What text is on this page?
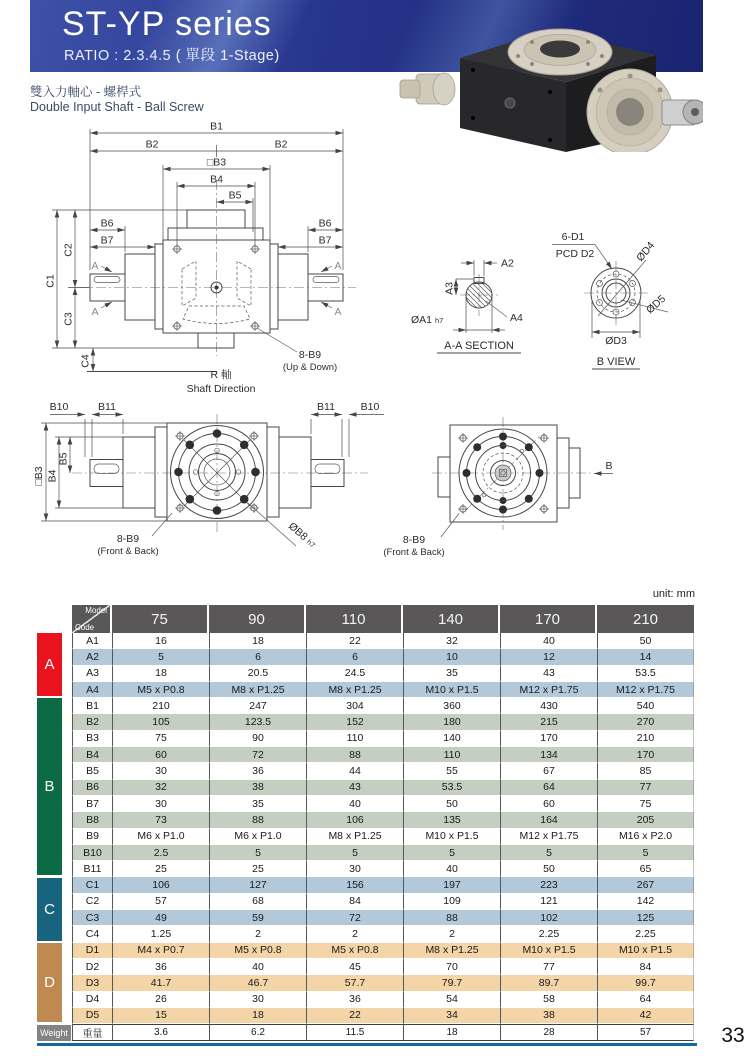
ST-YP series

RATIO : 2.3.4.5 ( 單段 1-Stage)

雙入力軸心 - 螺桿式

Double Input Shaft - Ball Screw

B1
B2	B2
□B3
B4
B5
B6
B7
B6
B7
C1
C2
C3
C4
A
A
A
A
8-B9
(Up & Down)
R 軸
Shaft Direction
A2
A3
ØA1 h7	A4
A-A SECTION
6-D1
PCD D2	ØD4
ØD5
ØD3
B VIEW
B10	B11	B11 B10
□B3 B4
B5
ØB8 h7
8-B9
(Front & Back)
B
8-B9
(Front & Back)
unit: mm
Model
Code	75	90	110	140	170	210
A1	16	18	22	32	40	50
A2	5	6	6	10	12	14
A3	18	20.5	24.5	35	43	53.5
A4	M5 x P0.8	M8 x P1.25	M8 x P1.25	M10 x P1.5	M12 x P1.75	M12 x P1.75
B1	210	247	304	360	430	540
B2	105	123.5	152	180	215	270
B3	75	90	110	140	170	210
B4	60	72	88	110	134	170
B5	30	36	44	55	67	85
B6	32	38	43	53.5	64	77
B7	30	35	40	50	60	75
B8	73	88	106	135	164	205
B9	M6 x P1.0	M6 x P1.0	M8 x P1.25	M10 x P1.5	M12 x P1.75	M16 x P2.0
B10	2.5	5	5	5	5	5
B11	25	25	30	40	50	65
C1	106	127	156	197	223	267
C2	57	68	84	109	121	142
C3	49	59	72	88	102	125
C4	1.25	2	2	2	2.25	2.25
D1	M4 x P0.7	M5 x P0.8	M5 x P0.8	M8 x P1.25	M10 x P1.5	M10 x P1.5
D2	36	40	45	70	77	84
D3	41.7	46.7	57.7	79.7	89.7	99.7
D4	26	30	36	54	58	64
D5	15	18	22	34	38	42
重量	3.6	6.2	11.5	18	28	57
A
B
C
D
Weight	33
